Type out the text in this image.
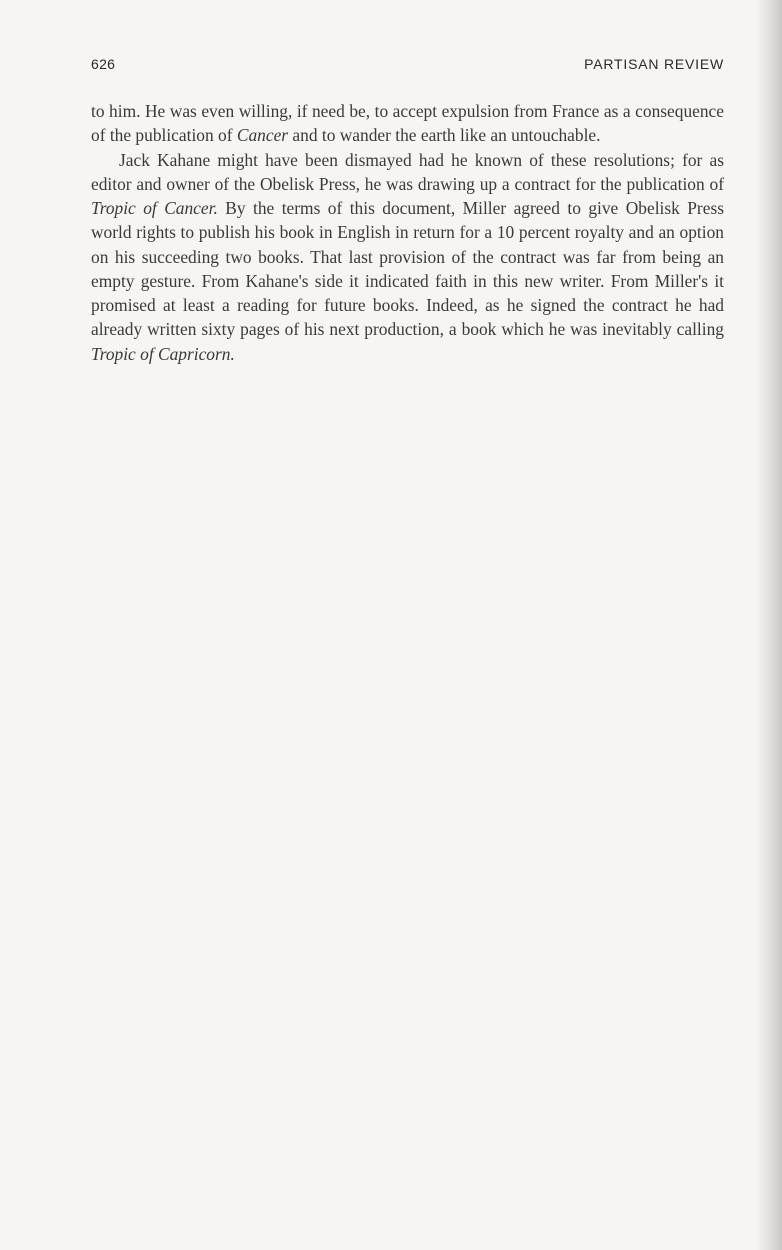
626	PARTISAN REVIEW

to him. He was even willing, if need be, to accept expulsion from France as a consequence of the publication of Cancer and to wander the earth like an untouchable.

Jack Kahane might have been dismayed had he known of these resolutions; for as editor and owner of the Obelisk Press, he was drawing up a contract for the publication of Tropic of Cancer. By the terms of this document, Miller agreed to give Obelisk Press world rights to publish his book in English in return for a 10 percent royalty and an option on his succeeding two books. That last provision of the contract was far from being an empty gesture. From Kahane's side it indicated faith in this new writer. From Miller's it promised at least a reading for future books. Indeed, as he signed the contract he had already written sixty pages of his next production, a book which he was inevitably calling Tropic of Capricorn.
